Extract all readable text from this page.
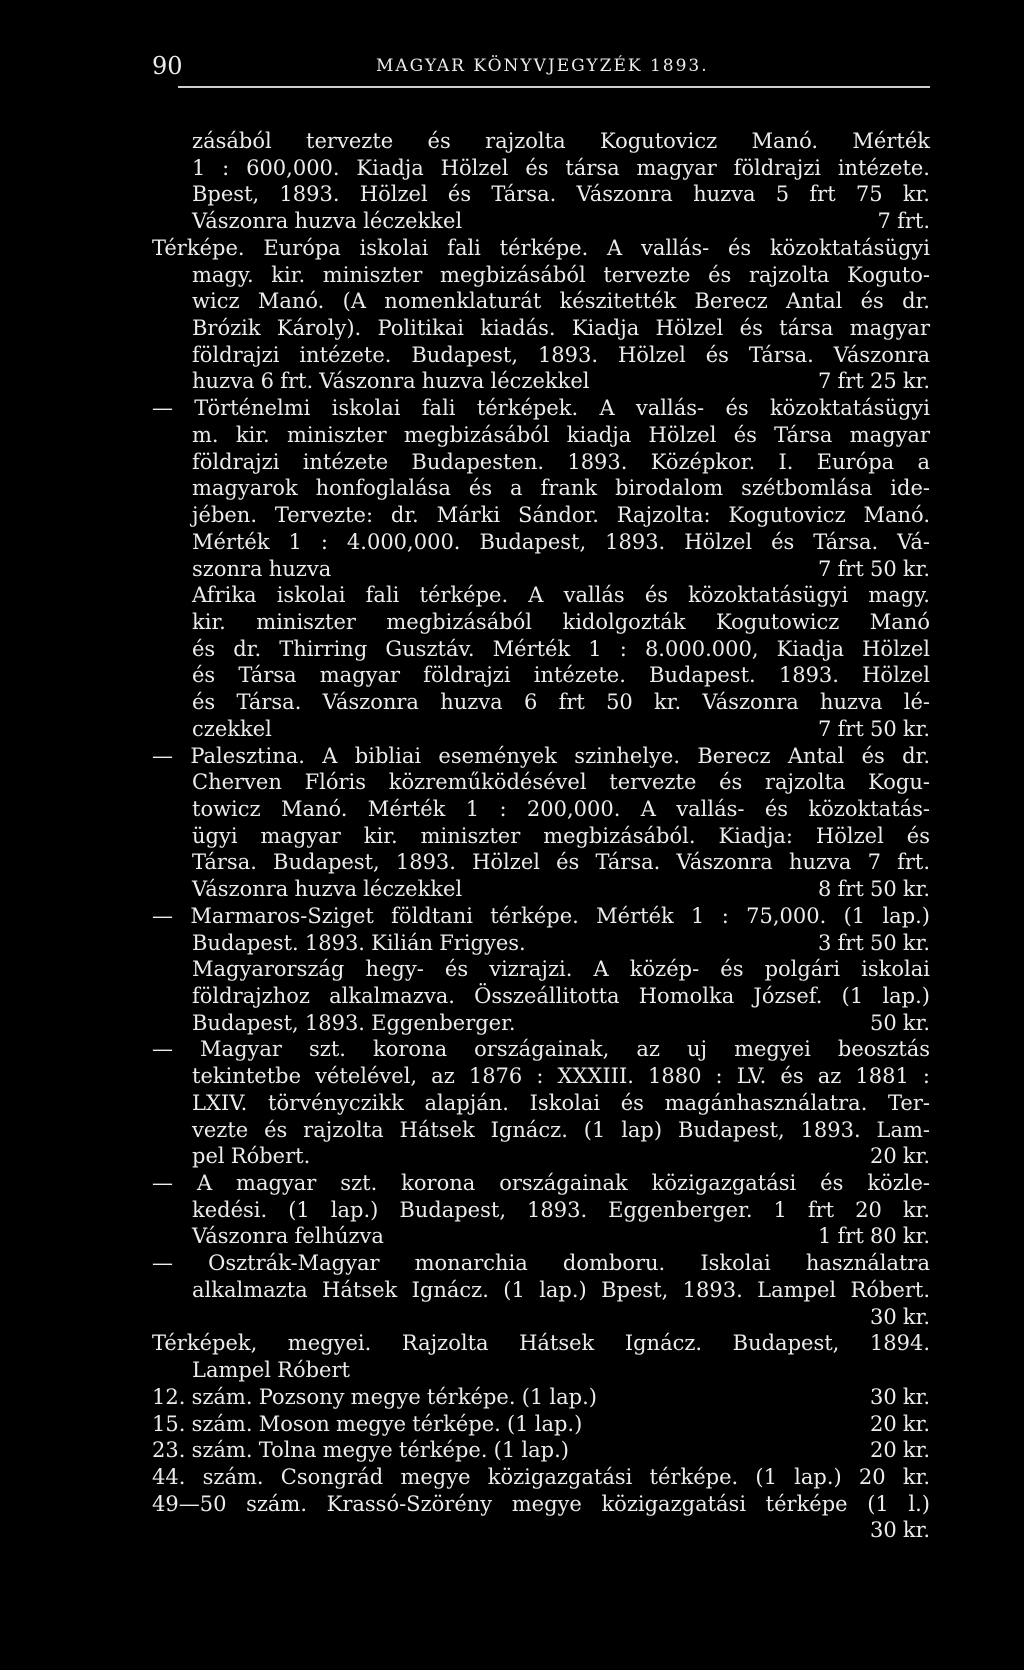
90	MAGYAR KÖNYVJEGYZÉK 1893.
zásából tervezte és rajzolta Kogutovicz Manó. Mérték
1 : 600,000. Kiadja Hölzel és társa magyar földrajzi intézete.
Bpest, 1893. Hölzel és Társa. Vászonra huzva 5 frt 75 kr.
Vászonra huzva léczekkel	7 frt.
Térképe. Európa iskolai fali térképe. A vallás- és közoktatásügyi
magy. kir. miniszter megbizásából tervezte és rajzolta Koguto-
wicz Manó. (A nomenklaturát készitették Berecz Antal és dr.
Brózik Károly). Politikai kiadás. Kiadja Hölzel és társa magyar
földrajzi intézete. Budapest, 1893. Hölzel és Társa. Vászonra
huzva 6 frt. Vászonra huzva léczekkel	7 frt 25 kr.
— Történelmi iskolai fali térképek. A vallás- és közoktatásügyi
m. kir. miniszter megbizásából kiadja Hölzel és Társa magyar
földrajzi intézete Budapesten. 1893. Középkor. I. Európa a
magyarok honfoglalása és a frank birodalom szétbomlása ide-
jében. Tervezte: dr. Márki Sándor. Rajzolta: Kogutovicz Manó.
Mérték 1 : 4.000,000. Budapest, 1893. Hölzel és Társa. Vá-
szonra huzva	7 frt 50 kr.
Afrika iskolai fali térképe. A vallás és közoktatásügyi magy.
kir. miniszter megbizásából kidolgozták Kogutowicz Manó
és dr. Thirring Gusztáv. Mérték 1 : 8.000.000, Kiadja Hölzel
és Társa magyar földrajzi intézete. Budapest. 1893. Hölzel
és Társa. Vászonra huzva 6 frt 50 kr. Vászonra huzva lé-
czekkel	7 frt 50 kr.
— Palesztina. A bibliai események szinhelye. Berecz Antal és dr.
Cherven Flóris közreműködésével tervezte és rajzolta Kogu-
towicz Manó. Mérték 1 : 200,000. A vallás- és közoktatás-
ügyi magyar kir. miniszter megbizásából. Kiadja: Hölzel és
Társa. Budapest, 1893. Hölzel és Társa. Vászonra huzva 7 frt.
Vászonra huzva léczekkel	8 frt 50 kr.
— Marmaros-Sziget földtani térképe. Mérték 1 : 75,000. (1 lap.)
Budapest. 1893. Kilián Frigyes.	3 frt 50 kr.
Magyarország hegy- és vizrajzi. A közép- és polgári iskolai
földrajzhoz alkalmazva. Összeállitotta Homolka József. (1 lap.)
Budapest, 1893. Eggenberger.	50 kr.
— Magyar szt. korona országainak, az uj megyei beosztás
tekintetbe vételével, az 1876 : XXXIII. 1880 : LV. és az 1881 :
LXIV. törvényczikk alapján. Iskolai és magánhasználatra. Ter-
vezte és rajzolta Hátsek Ignácz. (1 lap) Budapest, 1893. Lam-
pel Róbert.	20 kr.
— A magyar szt. korona országainak közigazgatási és közle-
kedési. (1 lap.) Budapest, 1893. Eggenberger. 1 frt 20 kr.
Vászonra felhúzva	1 frt 80 kr.
— Osztrák-Magyar monarchia domboru. Iskolai használatra
alkalmazta Hátsek Ignácz. (1 lap.) Bpest, 1893. Lampel Róbert.
30 kr.
Térképek, megyei. Rajzolta Hátsek Ignácz. Budapest, 1894.
Lampel Róbert
12. szám. Pozsony megye térképe. (1 lap.)	30 kr.
15. szám. Moson megye térképe. (1 lap.)	20 kr.
23. szám. Tolna megye térképe. (1 lap.)	20 kr.
44. szám. Csongrád megye közigazgatási térképe. (1 lap.) 20 kr.
49—50 szám. Krassó-Szörény megye közigazgatási térképe (1 l.)
30 kr.
